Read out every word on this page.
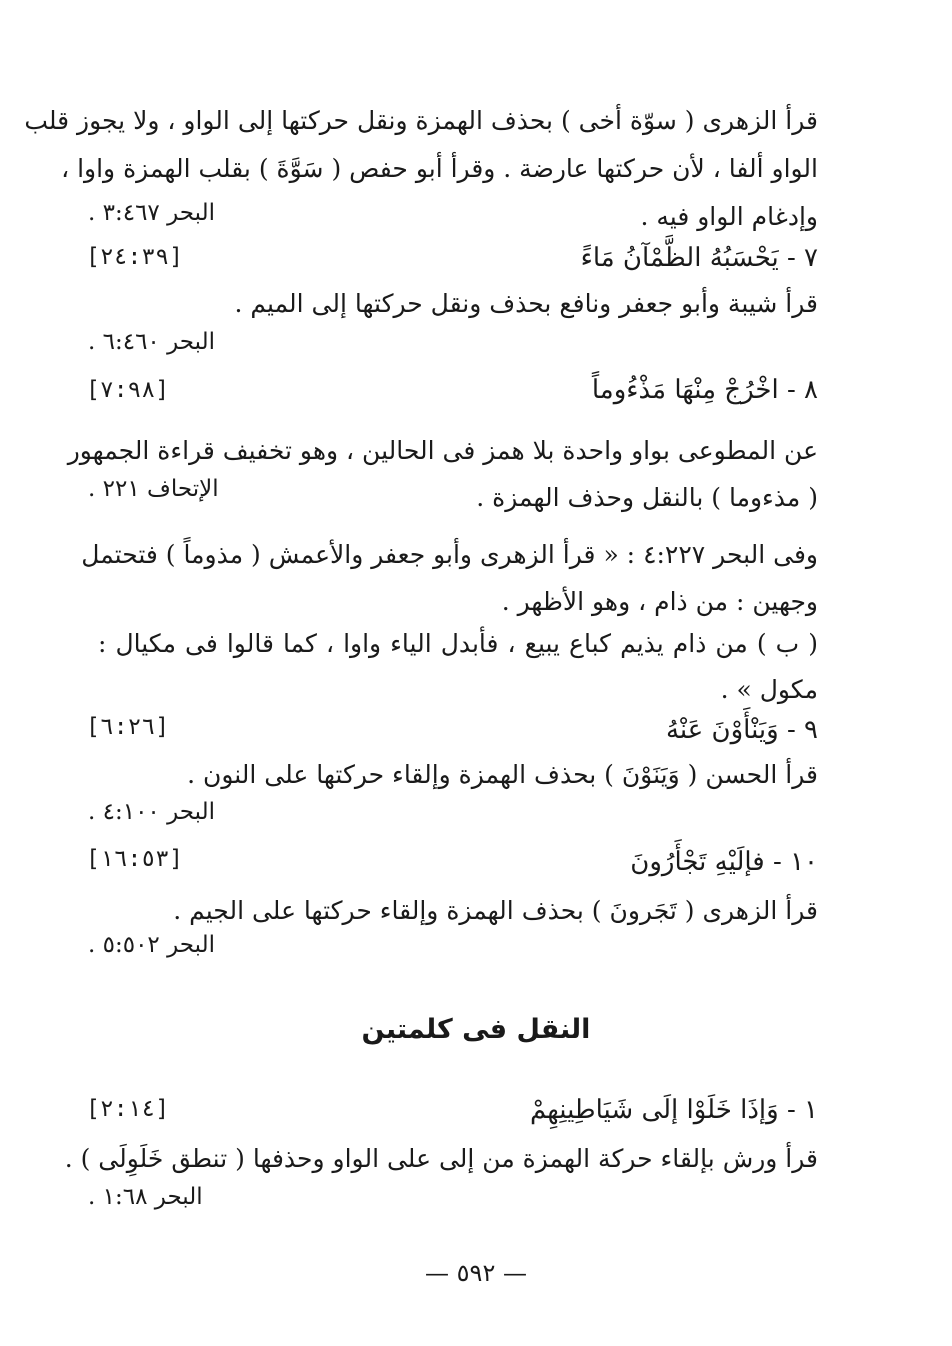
قرأ الزهرى ( سوّة أخى ) بحذف الهمزة ونقل حركتها إلى الواو ، ولا يجوز قلب
الواو ألفا ، لأن حركتها عارضة . وقرأ أبو حفص ( سَوَّةَ ) بقلب الهمزة واوا ،
البحر ٣:٤٦٧ .	وإدغام الواو فيه .
[٢٤:٣٩]	٧ - يَحْسَبُهُ الظَّمْآنُ مَاءً
قرأ شيبة وأبو جعفر ونافع بحذف ونقل حركتها إلى الميم .
البحر ٦:٤٦٠ .
[٧:٩٨]	٨ - اخْرُجْ مِنْهَا مَذْءُوماً
عن المطوعى بواو واحدة بلا همز فى الحالين ، وهو تخفيف قراءة الجمهور
الإتحاف ٢٢١ .	( مذءوما ) بالنقل وحذف الهمزة .
وفى البحر ٤:٢٢٧ : « قرأ الزهرى وأبو جعفر والأعمش ( مذوماً ) فتحتمل
وجهين : من ذام ، وهو الأظهر .
( ب ) من ذام يذيم كباع يبيع ، فأبدل الياء واوا ، كما قالوا فى مكيال :
مكول » .
[٦:٢٦]	٩ - وَيَنْأَوْنَ عَنْهُ
قرأ الحسن ( وَيَنَوْنَ ) بحذف الهمزة وإلقاء حركتها على النون .
البحر ٤:١٠٠ .
[١٦:٥٣]	١٠ - فإلَيْهِ تَجْأَرُونَ
قرأ الزهرى ( تَجَرونَ ) بحذف الهمزة وإلقاء حركتها على الجيم .
البحر ٥:٥٠٢ .
النقل فى كلمتين
[٢:١٤]	١ - وَإذَا خَلَوْا إلَى شَيَاطِينِهِمْ
قرأ ورش بإلقاء حركة الهمزة من إلى على الواو وحذفها ( تنطق خَلَوِلَى ) .
البحر ١:٦٨ .
— ٥٩٢ —
